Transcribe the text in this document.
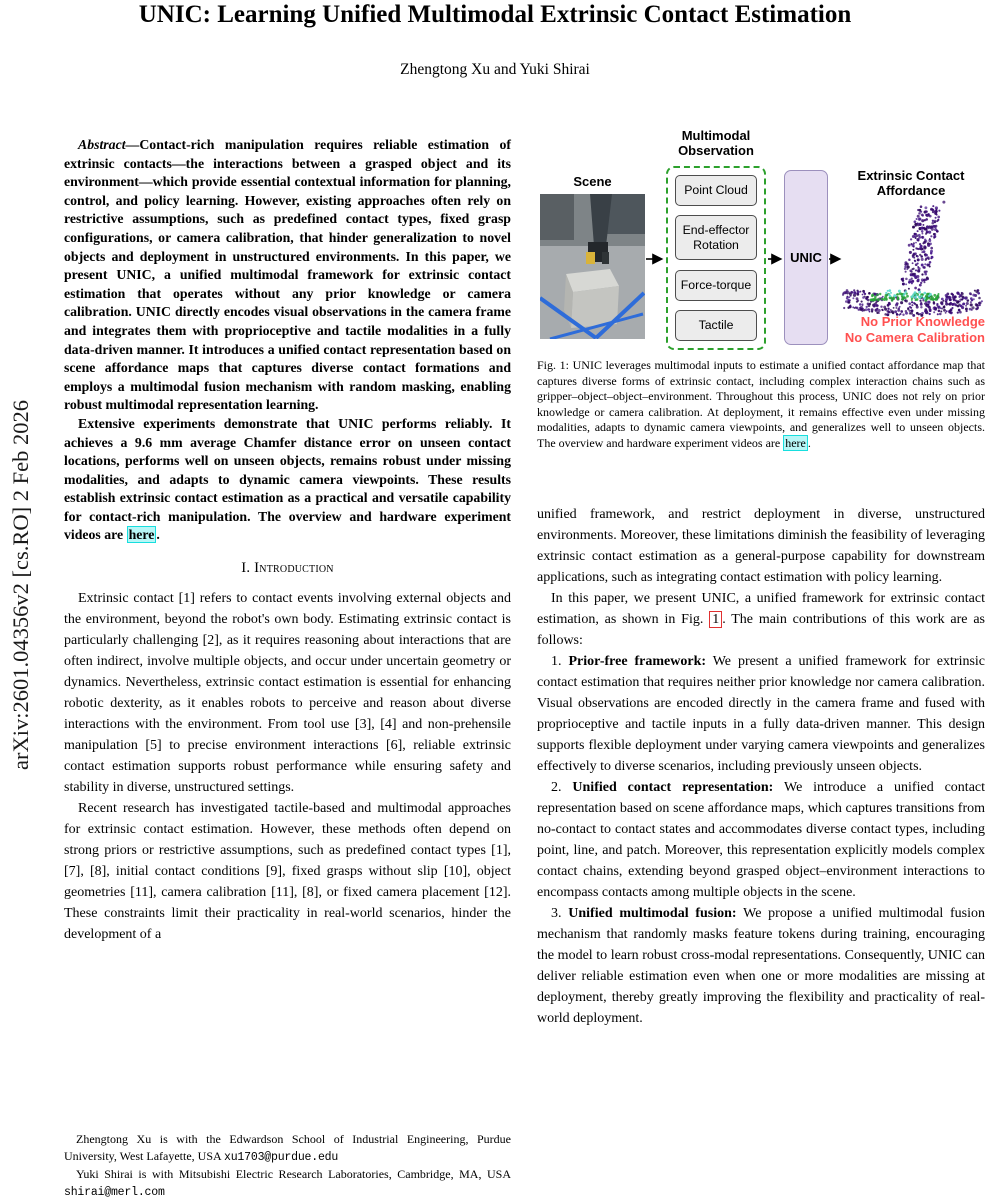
arXiv:2601.04356v2 [cs.RO] 2 Feb 2026
UNIC: Learning Unified Multimodal Extrinsic Contact Estimation
Zhengtong Xu and Yuki Shirai

Abstract—Contact-rich manipulation requires reliable estimation of extrinsic contacts—the interactions between a grasped object and its environment—which provide essential contextual information for planning, control, and policy learning. However, existing approaches often rely on restrictive assumptions, such as predefined contact types, fixed grasp configurations, or camera calibration, that hinder generalization to novel objects and deployment in unstructured environments. In this paper, we present UNIC, a unified multimodal framework for extrinsic contact estimation that operates without any prior knowledge or camera calibration. UNIC directly encodes visual observations in the camera frame and integrates them with proprioceptive and tactile modalities in a fully data-driven manner. It introduces a unified contact representation based on scene affordance maps that captures diverse contact formations and employs a multimodal fusion mechanism with random masking, enabling robust multimodal representation learning.

Extensive experiments demonstrate that UNIC performs reliably. It achieves a 9.6 mm average Chamfer distance error on unseen contact locations, performs well on unseen objects, remains robust under missing modalities, and adapts to dynamic camera viewpoints. These results establish extrinsic contact estimation as a practical and versatile capability for contact-rich manipulation. The overview and hardware experiment videos are here .

I. Introduction

Extrinsic contact [1] refers to contact events involving external objects and the environment, beyond the robot's own body. Estimating extrinsic contact is particularly challenging [2], as it requires reasoning about interactions that are often indirect, involve multiple objects, and occur under uncertain geometry or dynamics. Nevertheless, extrinsic contact estimation is essential for enhancing robotic dexterity, as it enables robots to perceive and reason about diverse interactions with the environment. From tool use [3], [4] and non-prehensile manipulation [5] to precise environment interactions [6], reliable extrinsic contact estimation supports robust performance while ensuring safety and stability in diverse, unstructured settings.

Recent research has investigated tactile-based and multimodal approaches for extrinsic contact estimation. However, these methods often depend on strong priors or restrictive assumptions, such as predefined contact types [1], [7], [8], initial contact conditions [9], fixed grasps without slip [10], object geometries [11], camera calibration [11], [8], or fixed camera placement [12]. These constraints limit their practicality in real-world scenarios, hinder the development of a

Zhengtong Xu is with the Edwardson School of Industrial Engineering, Purdue University, West Lafayette, USA xu1703@purdue.edu

Yuki Shirai is with Mitsubishi Electric Research Laboratories, Cambridge, MA, USA shirai@merl.com

Multimodal Observation
Scene
Point Cloud
End-effector Rotation
Force-torque
Tactile
UNIC
Extrinsic Contact Affordance
No Prior Knowledge
No Camera Calibration

Fig. 1: UNIC leverages multimodal inputs to estimate a unified contact affordance map that captures diverse forms of extrinsic contact, including complex interaction chains such as gripper–object–object–environment. Throughout this process, UNIC does not rely on prior knowledge or camera calibration. At deployment, it remains effective even under missing modalities, adapts to dynamic camera viewpoints, and generalizes well to unseen objects. The overview and hardware experiment videos are here .

unified framework, and restrict deployment in diverse, unstructured environments. Moreover, these limitations diminish the feasibility of leveraging extrinsic contact estimation as a general-purpose capability for downstream applications, such as integrating contact estimation with policy learning.

In this paper, we present UNIC, a unified framework for extrinsic contact estimation, as shown in Fig. 1 . The main contributions of this work are as follows:

1. Prior-free framework: We present a unified framework for extrinsic contact estimation that requires neither prior knowledge nor camera calibration. Visual observations are encoded directly in the camera frame and fused with proprioceptive and tactile inputs in a fully data-driven manner. This design supports flexible deployment under varying camera viewpoints and generalizes effectively to diverse scenarios, including previously unseen objects.

2. Unified contact representation: We introduce a unified contact representation based on scene affordance maps, which captures transitions from no-contact to contact states and accommodates diverse contact types, including point, line, and patch. Moreover, this representation explicitly models complex contact chains, extending beyond grasped object–environment interactions to encompass contacts among multiple objects in the scene.

3. Unified multimodal fusion: We propose a unified multimodal fusion mechanism that randomly masks feature tokens during training, encouraging the model to learn robust cross-modal representations. Consequently, UNIC can deliver reliable estimation even when one or more modalities are missing at deployment, thereby greatly improving the flexibility and practicality of real-world deployment.
